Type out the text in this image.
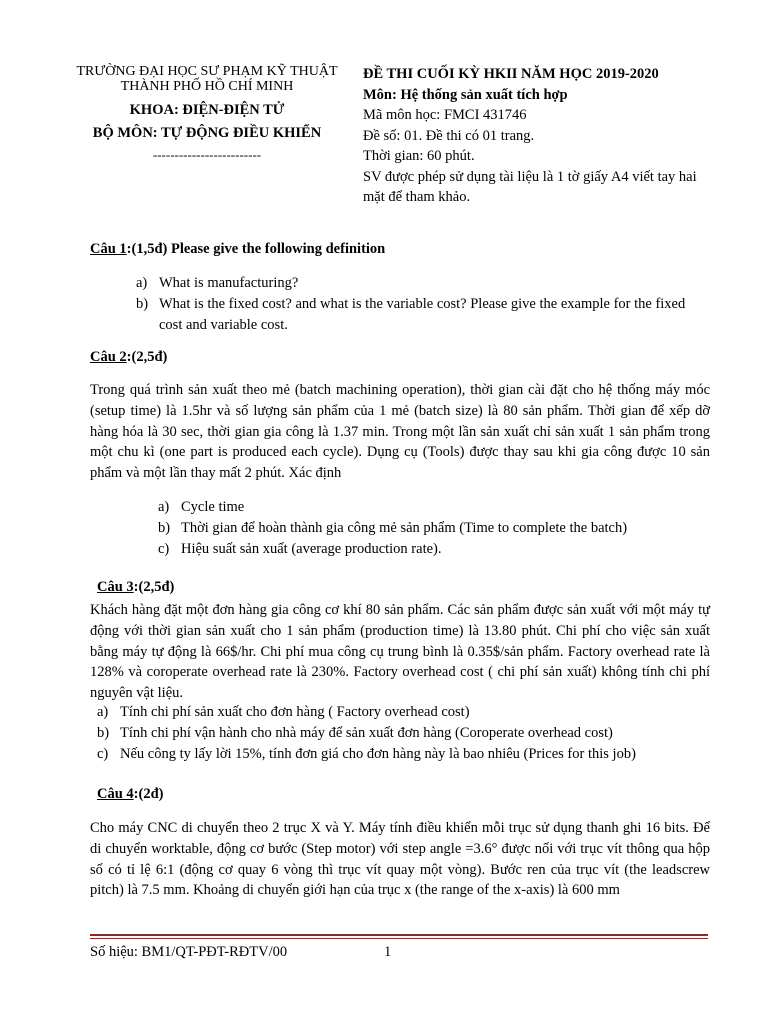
TRƯỜNG ĐẠI HỌC SƯ PHẠM KỸ THUẬT
THÀNH PHỐ HỒ CHÍ MINH
KHOA: ĐIỆN-ĐIỆN TỬ
BỘ MÔN: TỰ ĐỘNG ĐIỀU KHIỂN
-------------------------
ĐỀ THI CUỐI KỲ HKII NĂM HỌC 2019-2020
Môn: Hệ thống sản xuất tích hợp
Mã môn học: FMCI 431746
Đề số: 01. Đề thi có 01 trang.
Thời gian: 60 phút.
SV được phép sử dụng tài liệu là 1 tờ giấy A4 viết tay hai
mặt để tham khảo.
Câu 1:(1,5đ) Please give the following definition
a) What is manufacturing?
b) What is the fixed cost? and what is the variable cost? Please give the example for the fixed
cost and variable cost.
Câu 2:(2,5đ)
Trong quá trình sản xuất theo mẻ (batch machining operation), thời gian cài đặt cho hệ thống máy móc (setup time) là 1.5hr và số lượng sản phẩm của 1 mẻ (batch size) là 80 sản phẩm. Thời gian để xếp dỡ hàng hóa là 30 sec, thời gian gia công là 1.37 min. Trong một lần sản xuất chỉ sản xuất 1 sản phẩm trong một chu kì (one part is produced each cycle). Dụng cụ (Tools) được thay sau khi gia công được 10 sản phẩm và một lần thay mất 2 phút. Xác định
a) Cycle time
b) Thời gian để hoàn thành gia công mẻ sản phẩm (Time to complete the batch)
c) Hiệu suất sản xuất (average production rate).
Câu 3:(2,5đ)
Khách hàng đặt một đơn hàng gia công cơ khí 80 sản phẩm. Các sản phẩm được sản xuất với một máy tự động với thời gian sản xuất cho 1 sản phẩm (production time) là 13.80 phút. Chi phí cho việc sản xuất bằng máy tự động là 66$/hr. Chi phí mua công cụ trung bình là 0.35$/sản phẩm. Factory overhead rate là 128% và coroperate overhead rate là 230%. Factory overhead cost ( chi phí sản xuất) không tính chi phí nguyên vật liệu.
a) Tính chi phí sản xuất cho đơn hàng ( Factory overhead cost)
b) Tính chi phí vận hành cho nhà máy để sản xuất đơn hàng (Coroperate overhead cost)
c) Nếu công ty lấy lời 15%, tính đơn giá cho đơn hàng này là bao nhiêu (Prices for this job)
Câu 4:(2đ)
Cho máy CNC di chuyển theo 2 trục X và Y. Máy tính điều khiển mỗi trục sử dụng thanh ghi 16 bits. Để di chuyển worktable, động cơ bước (Step motor) với step angle =3.6° được nối với trục vít thông qua hộp số có tỉ lệ 6:1 (động cơ quay 6 vòng thì trục vít quay một vòng). Bước ren của trục vít (the leadscrew pitch) là 7.5 mm. Khoảng di chuyển giới hạn của trục x (the range of the x-axis) là 600 mm
Số hiệu: BM1/QT-PĐT-RĐTV/00	1
